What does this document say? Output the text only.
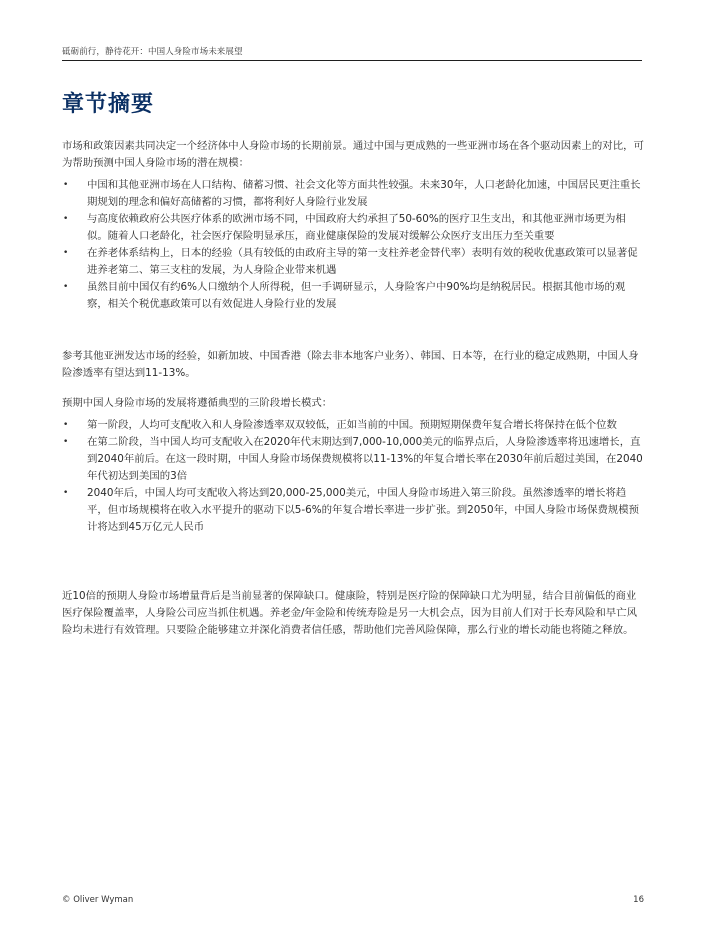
砥砺前行，静待花开：中国人身险市场未来展望
章节摘要

市场和政策因素共同决定一个经济体中人身险市场的长期前景。通过中国与更成熟的一些亚洲市场在各个驱动因素上的对比，可为帮助预测中国人身险市场的潜在规模：

• 中国和其他亚洲市场在人口结构、储蓄习惯、社会文化等方面共性较强。未来30年，人口老龄化加速，中国居民更注重长期规划的理念和偏好高储蓄的习惯，都将利好人身险行业发展
• 与高度依赖政府公共医疗体系的欧洲市场不同，中国政府大约承担了50-60%的医疗卫生支出，和其他亚洲市场更为相似。随着人口老龄化，社会医疗保险明显承压，商业健康保险的发展对缓解公众医疗支出压力至关重要
• 在养老体系结构上，日本的经验（具有较低的由政府主导的第一支柱养老金替代率）表明有效的税收优惠政策可以显著促进养老第二、第三支柱的发展，为人身险企业带来机遇
• 虽然目前中国仅有约6%人口缴纳个人所得税，但一手调研显示，人身险客户中90%均是纳税居民。根据其他市场的观察，相关个税优惠政策可以有效促进人身险行业的发展

参考其他亚洲发达市场的经验，如新加坡、中国香港（除去非本地客户业务）、韩国、日本等，在行业的稳定成熟期，中国人身险渗透率有望达到11-13%。

预期中国人身险市场的发展将遵循典型的三阶段增长模式：

• 第一阶段，人均可支配收入和人身险渗透率双双较低，正如当前的中国。预期短期保费年复合增长将保持在低个位数
• 在第二阶段，当中国人均可支配收入在2020年代末期达到7,000-10,000美元的临界点后，人身险渗透率将迅速增长，直到2040年前后。在这一段时期，中国人身险市场保费规模将以11-13%的年复合增长率在2030年前后超过美国，在2040年代初达到美国的3倍
• 2040年后，中国人均可支配收入将达到20,000-25,000美元，中国人身险市场进入第三阶段。虽然渗透率的增长将趋平，但市场规模将在收入水平提升的驱动下以5-6%的年复合增长率进一步扩张。到2050年，中国人身险市场保费规模预计将达到45万亿元人民币

近10倍的预期人身险市场增量背后是当前显著的保障缺口。健康险，特别是医疗险的保障缺口尤为明显，结合目前偏低的商业医疗保险覆盖率，人身险公司应当抓住机遇。养老金/年金险和传统寿险是另一大机会点，因为目前人们对于长寿风险和早亡风险均未进行有效管理。只要险企能够建立并深化消费者信任感，帮助他们完善风险保障，那么行业的增长动能也将随之释放。

© Oliver Wyman	16
